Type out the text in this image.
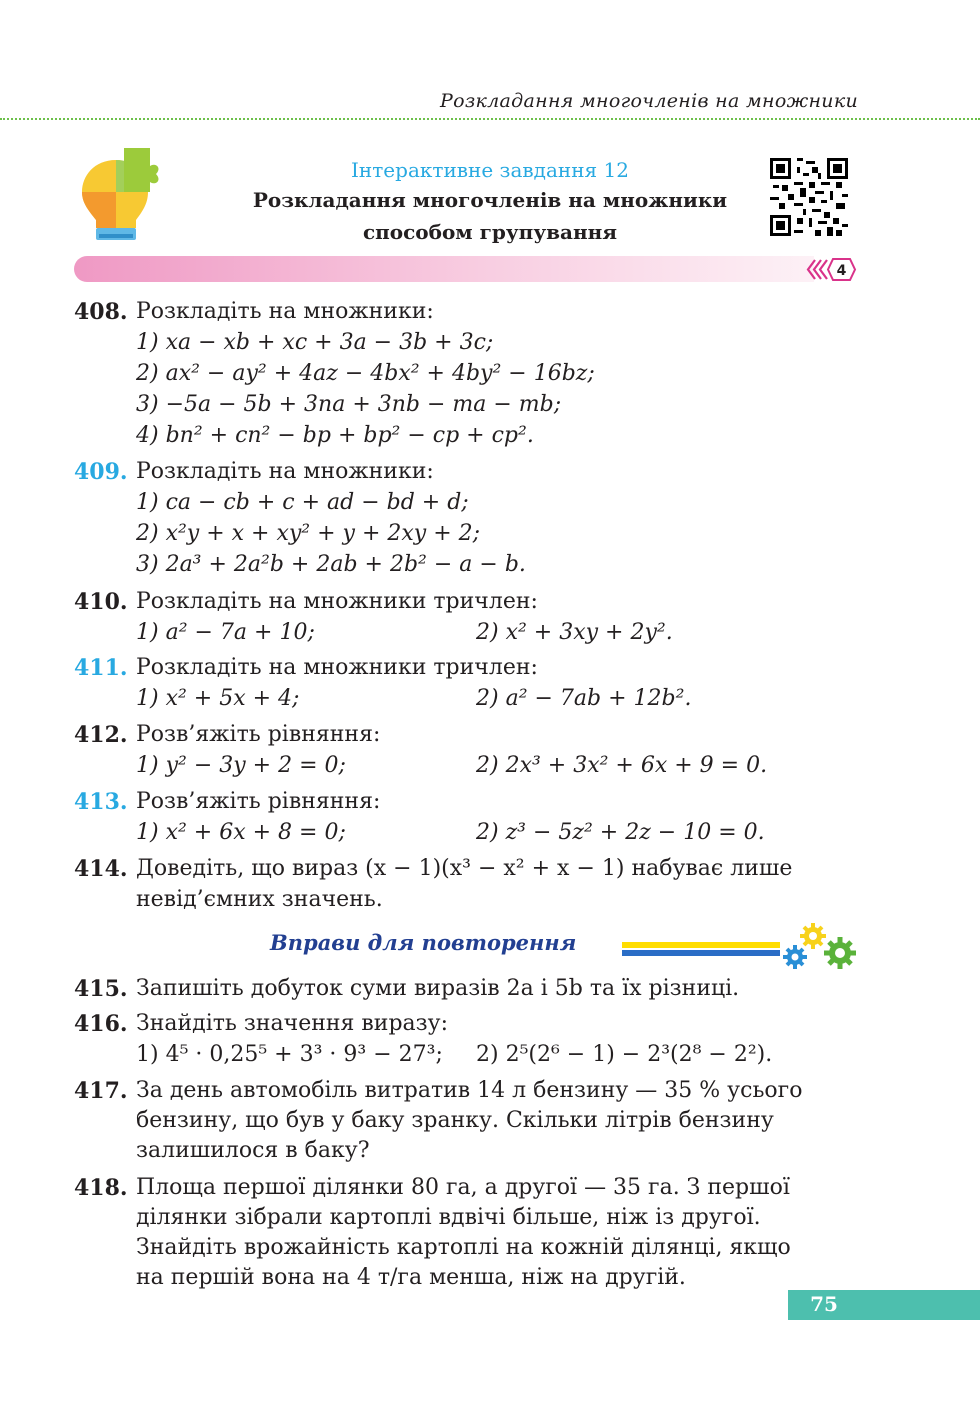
Розкладання многочленів на множники
Інтерактивне завдання 12
Розкладання многочленів на множники
способом групування
4
408. Розкладіть на множники:
1) xa − xb + xc + 3a − 3b + 3c;
2) ax² − ay² + 4az − 4bx² + 4by² − 16bz;
3) −5a − 5b + 3na + 3nb − ma − mb;
4) bn² + cn² − bp + bp² − cp + cp².
409. Розкладіть на множники:
1) ca − cb + c + ad − bd + d;
2) x²y + x + xy² + y + 2xy + 2;
3) 2a³ + 2a²b + 2ab + 2b² − a − b.
410. Розкладіть на множники тричлен:
1) a² − 7a + 10;	2) x² + 3xy + 2y².
411. Розкладіть на множники тричлен:
1) x² + 5x + 4;	2) a² − 7ab + 12b².
412. Розв’яжіть рівняння:
1) y² − 3y + 2 = 0;	2) 2x³ + 3x² + 6x + 9 = 0.
413. Розв’яжіть рівняння:
1) x² + 6x + 8 = 0;	2) z³ − 5z² + 2z − 10 = 0.
414. Доведіть, що вираз (x − 1)(x³ − x² + x − 1) набуває лише
невід’ємних значень.
Вправи для повторення
415. Запишіть добуток суми виразів 2a і 5b та їх різниці.
416. Знайдіть значення виразу:
1) 4⁵ · 0,25⁵ + 3³ · 9³ − 27³; 2) 2⁵(2⁶ − 1) − 2³(2⁸ − 2²).
417. За день автомобіль витратив 14 л бензину — 35 % усього
бензину, що був у баку зранку. Скільки літрів бензину
залишилося в баку?
418. Площа першої ділянки 80 га, а другої — 35 га. З першої
ділянки зібрали картоплі вдвічі більше, ніж із другої.
Знайдіть врожайність картоплі на кожній ділянці, якщо
на першій вона на 4 т/га менша, ніж на другій.
75
